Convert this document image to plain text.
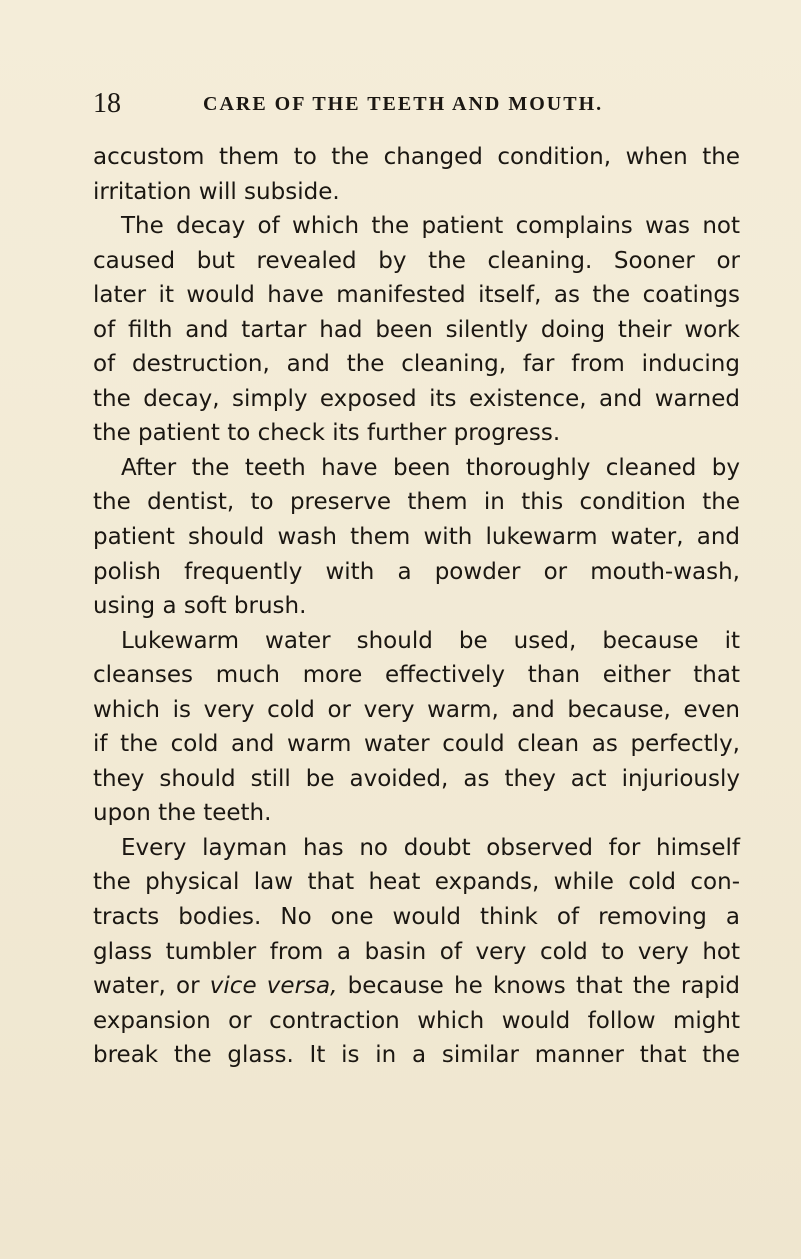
18	CARE OF THE TEETH AND MOUTH.
accustom them to the changed condition, when the
irritation will subside.
The decay of which the patient complains was not
caused but revealed by the cleaning. Sooner or
later it would have manifested itself, as the coatings
of filth and tartar had been silently doing their work
of destruction, and the cleaning, far from inducing
the decay, simply exposed its existence, and warned
the patient to check its further progress.
After the teeth have been thoroughly cleaned by
the dentist, to preserve them in this condition the
patient should wash them with lukewarm water, and
polish frequently with a powder or mouth-wash,
using a soft brush.
Lukewarm water should be used, because it
cleanses much more effectively than either that
which is very cold or very warm, and because, even
if the cold and warm water could clean as perfectly,
they should still be avoided, as they act injuriously
upon the teeth.
Every layman has no doubt observed for himself
the physical law that heat expands, while cold con-
tracts bodies. No one would think of removing a
glass tumbler from a basin of very cold to very hot
water, or vice versa, because he knows that the rapid
expansion or contraction which would follow might
break the glass. It is in a similar manner that the
